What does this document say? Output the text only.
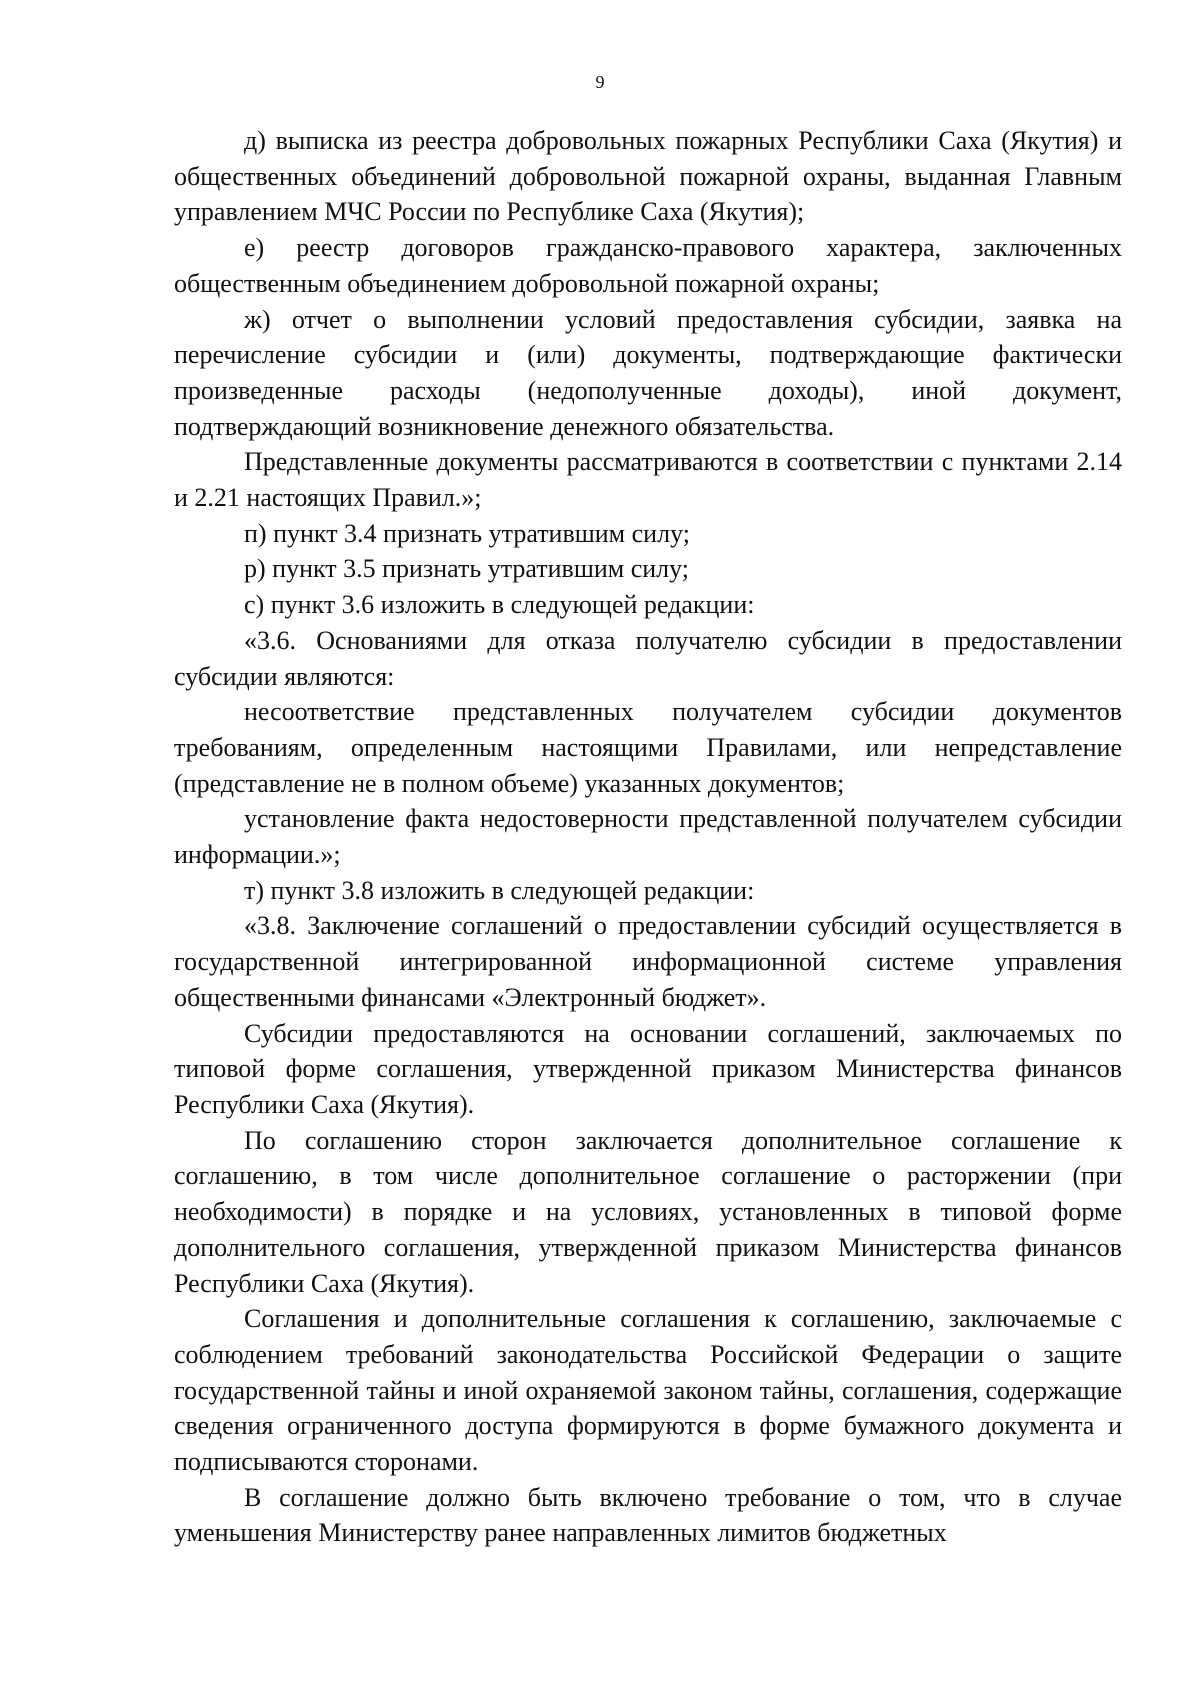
9

д) выписка из реестра добровольных пожарных Республики Саха (Якутия) и общественных объединений добровольной пожарной охраны, выданная Главным управлением МЧС России по Республике Саха (Якутия);

е) реестр договоров гражданско-правового характера, заключенных общественным объединением добровольной пожарной охраны;

ж) отчет о выполнении условий предоставления субсидии, заявка на перечисление субсидии и (или) документы, подтверждающие фактически произведенные расходы (недополученные доходы), иной документ, подтверждающий возникновение денежного обязательства.

Представленные документы рассматриваются в соответствии с пунктами 2.14 и 2.21 настоящих Правил.»;

п) пункт 3.4 признать утратившим силу;

р) пункт 3.5 признать утратившим силу;

с) пункт 3.6 изложить в следующей редакции:

«3.6. Основаниями для отказа получателю субсидии в предоставлении субсидии являются:

несоответствие представленных получателем субсидии документов требованиям, определенным настоящими Правилами, или непредставление (представление не в полном объеме) указанных документов;

установление факта недостоверности представленной получателем субсидии информации.»;

т) пункт 3.8 изложить в следующей редакции:

«3.8. Заключение соглашений о предоставлении субсидий осуществляется в государственной интегрированной информационной системе управления общественными финансами «Электронный бюджет».

Субсидии предоставляются на основании соглашений, заключаемых по типовой форме соглашения, утвержденной приказом Министерства финансов Республики Саха (Якутия).

По соглашению сторон заключается дополнительное соглашение к соглашению, в том числе дополнительное соглашение о расторжении (при необходимости) в порядке и на условиях, установленных в типовой форме дополнительного соглашения, утвержденной приказом Министерства финансов Республики Саха (Якутия).

Соглашения и дополнительные соглашения к соглашению, заключаемые с соблюдением требований законодательства Российской Федерации о защите государственной тайны и иной охраняемой законом тайны, соглашения, содержащие сведения ограниченного доступа формируются в форме бумажного документа и подписываются сторонами.

В соглашение должно быть включено требование о том, что в случае уменьшения Министерству ранее направленных лимитов бюджетных
